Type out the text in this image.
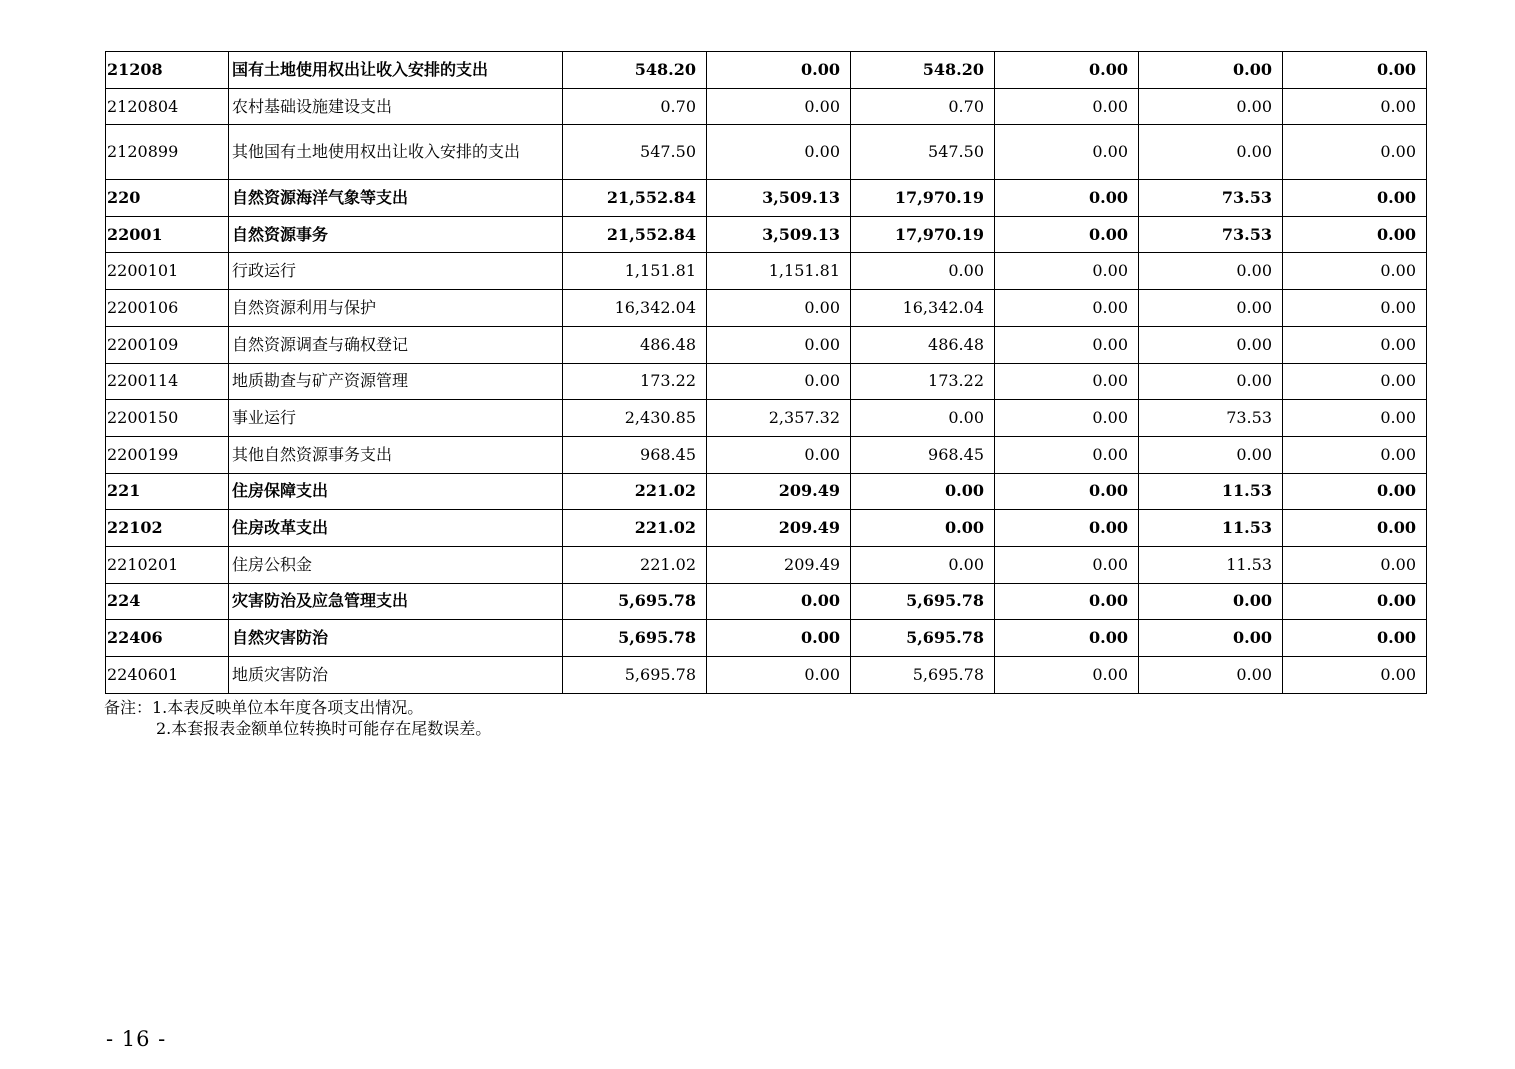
21208	国有土地使用权出让收入安排的支出	548.20	0.00	548.20	0.00	0.00	0.00
2120804	农村基础设施建设支出	0.70	0.00	0.70	0.00	0.00	0.00
2120899	其他国有土地使用权出让收入安排的支出	547.50	0.00	547.50	0.00	0.00	0.00
220	自然资源海洋气象等支出	21,552.84	3,509.13	17,970.19	0.00	73.53	0.00
22001	自然资源事务	21,552.84	3,509.13	17,970.19	0.00	73.53	0.00
2200101	行政运行	1,151.81	1,151.81	0.00	0.00	0.00	0.00
2200106	自然资源利用与保护	16,342.04	0.00	16,342.04	0.00	0.00	0.00
2200109	自然资源调查与确权登记	486.48	0.00	486.48	0.00	0.00	0.00
2200114	地质勘查与矿产资源管理	173.22	0.00	173.22	0.00	0.00	0.00
2200150	事业运行	2,430.85	2,357.32	0.00	0.00	73.53	0.00
2200199	其他自然资源事务支出	968.45	0.00	968.45	0.00	0.00	0.00
221	住房保障支出	221.02	209.49	0.00	0.00	11.53	0.00
22102	住房改革支出	221.02	209.49	0.00	0.00	11.53	0.00
2210201	住房公积金	221.02	209.49	0.00	0.00	11.53	0.00
224	灾害防治及应急管理支出	5,695.78	0.00	5,695.78	0.00	0.00	0.00
22406	自然灾害防治	5,695.78	0.00	5,695.78	0.00	0.00	0.00
2240601	地质灾害防治	5,695.78	0.00	5,695.78	0.00	0.00	0.00
备注：1.本表反映单位本年度各项支出情况。
2.本套报表金额单位转换时可能存在尾数误差。
- 16 -
